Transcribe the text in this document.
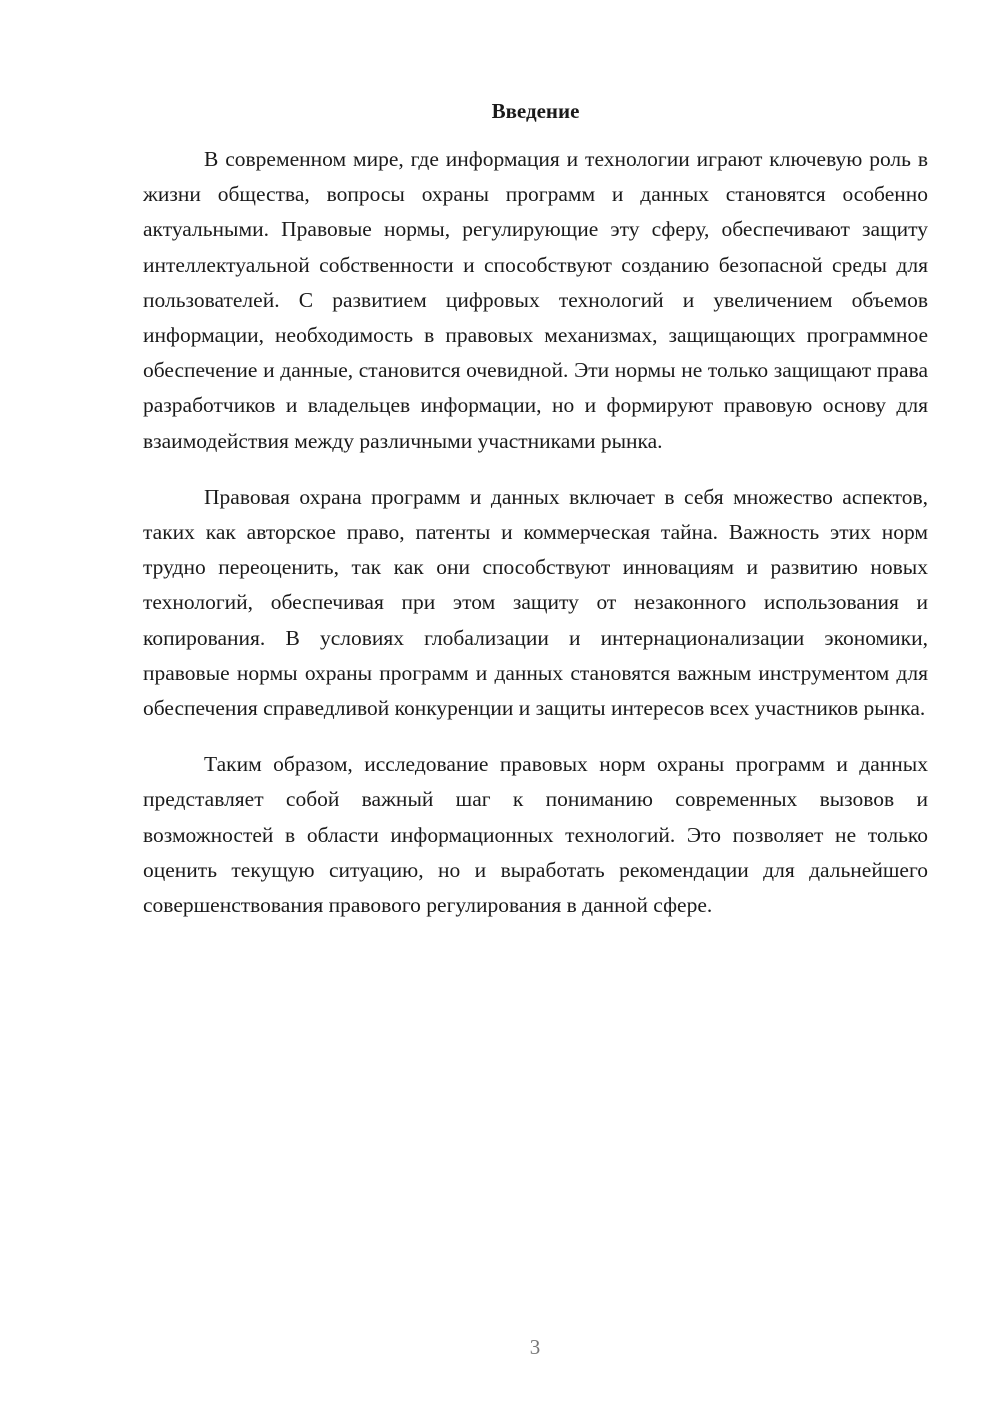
Введение

В современном мире, где информация и технологии играют ключевую роль в жизни общества, вопросы охраны программ и данных становятся особенно актуальными. Правовые нормы, регулирующие эту сферу, обеспечивают защиту интеллектуальной собственности и способствуют созданию безопасной среды для пользователей. С развитием цифровых технологий и увеличением объемов информации, необходимость в правовых механизмах, защищающих программное обеспечение и данные, становится очевидной. Эти нормы не только защищают права разработчиков и владельцев информации, но и формируют правовую основу для взаимодействия между различными участниками рынка.

Правовая охрана программ и данных включает в себя множество аспектов, таких как авторское право, патенты и коммерческая тайна. Важность этих норм трудно переоценить, так как они способствуют инновациям и развитию новых технологий, обеспечивая при этом защиту от незаконного использования и копирования. В условиях глобализации и интернационализации экономики, правовые нормы охраны программ и данных становятся важным инструментом для обеспечения справедливой конкуренции и защиты интересов всех участников рынка.

Таким образом, исследование правовых норм охраны программ и данных представляет собой важный шаг к пониманию современных вызовов и возможностей в области информационных технологий. Это позволяет не только оценить текущую ситуацию, но и выработать рекомендации для дальнейшего совершенствования правового регулирования в данной сфере.

3
